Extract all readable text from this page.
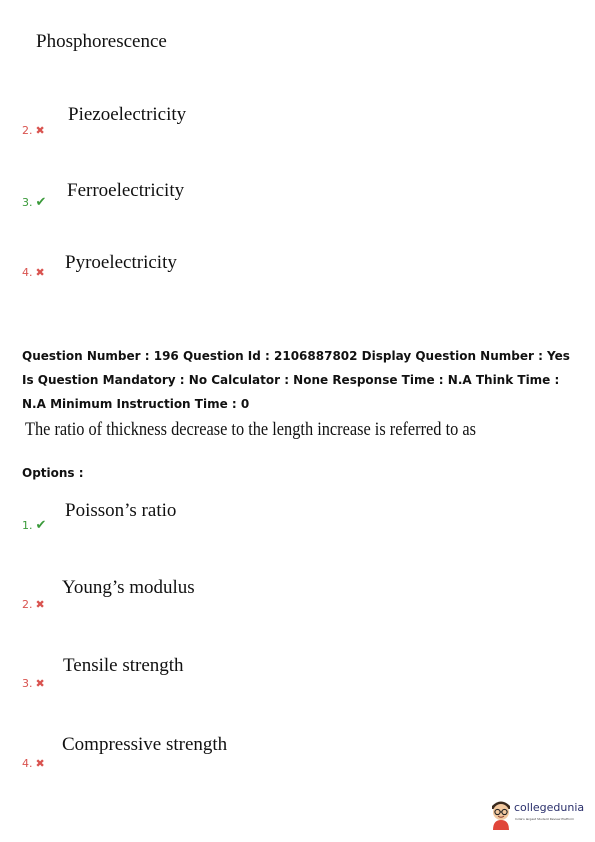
Phosphorescence
Piezoelectricity
2. ✖
Ferroelectricity
3. ✔
Pyroelectricity
4. ✖
Question Number : 196 Question Id : 2106887802 Display Question Number : Yes Is Question Mandatory : No Calculator : None Response Time : N.A Think Time : N.A Minimum Instruction Time : 0
The ratio of thickness decrease to the length increase is referred to as
Options :
Poisson’s ratio
1. ✔
Young’s modulus
2. ✖
Tensile strength
3. ✖
Compressive strength
4. ✖
collegedunia
India's largest Student Review Platform
